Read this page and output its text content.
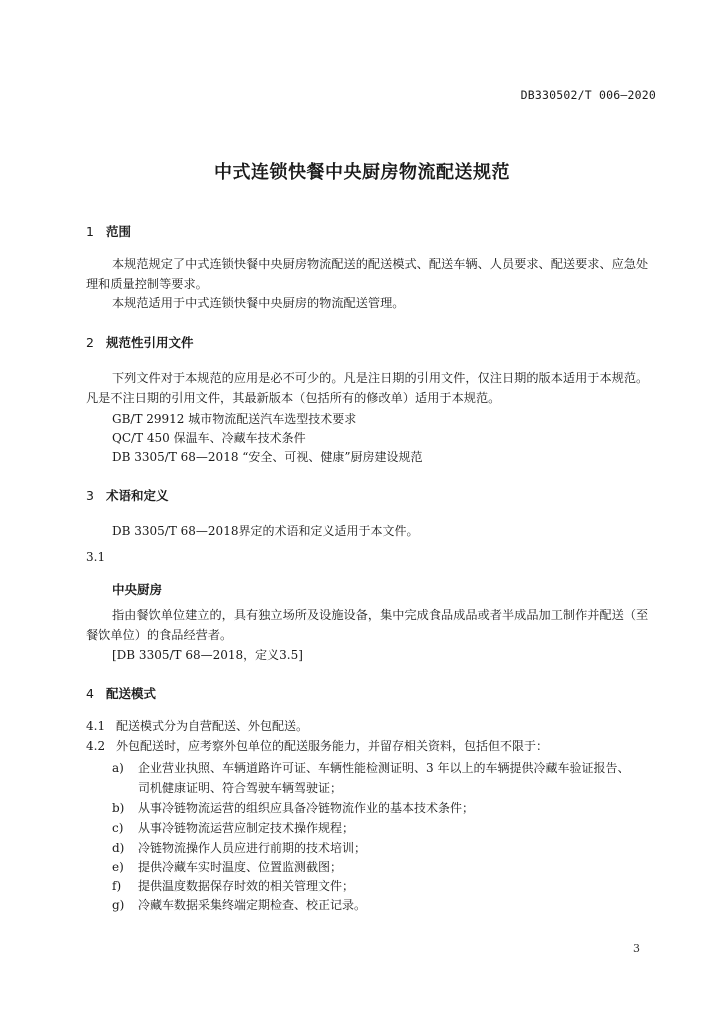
DB330502/T 006—2020
中式连锁快餐中央厨房物流配送规范
1 范围
本规范规定了中式连锁快餐中央厨房物流配送的配送模式、配送车辆、人员要求、配送要求、应急处理和质量控制等要求。
本规范适用于中式连锁快餐中央厨房的物流配送管理。
2 规范性引用文件
下列文件对于本规范的应用是必不可少的。凡是注日期的引用文件，仅注日期的版本适用于本规范。凡是不注日期的引用文件，其最新版本（包括所有的修改单）适用于本规范。
GB/T 29912 城市物流配送汽车选型技术要求
QC/T 450 保温车、冷藏车技术条件
DB 3305/T 68—2018 “安全、可视、健康”厨房建设规范
3 术语和定义
DB 3305/T 68—2018界定的术语和定义适用于本文件。
3.1
中央厨房
指由餐饮单位建立的，具有独立场所及设施设备，集中完成食品成品或者半成品加工制作并配送（至餐饮单位）的食品经营者。
[DB 3305/T 68—2018，定义3.5]
4 配送模式
4.1 配送模式分为自营配送、外包配送。
4.2 外包配送时，应考察外包单位的配送服务能力，并留存相关资料，包括但不限于：
a) 企业营业执照、车辆道路许可证、车辆性能检测证明、3 年以上的车辆提供冷藏车验证报告、
司机健康证明、符合驾驶车辆驾驶证；
b) 从事冷链物流运营的组织应具备冷链物流作业的基本技术条件；
c) 从事冷链物流运营应制定技术操作规程；
d) 冷链物流操作人员应进行前期的技术培训；
e) 提供冷藏车实时温度、位置监测截图；
f) 提供温度数据保存时效的相关管理文件；
g) 冷藏车数据采集终端定期检查、校正记录。
3
